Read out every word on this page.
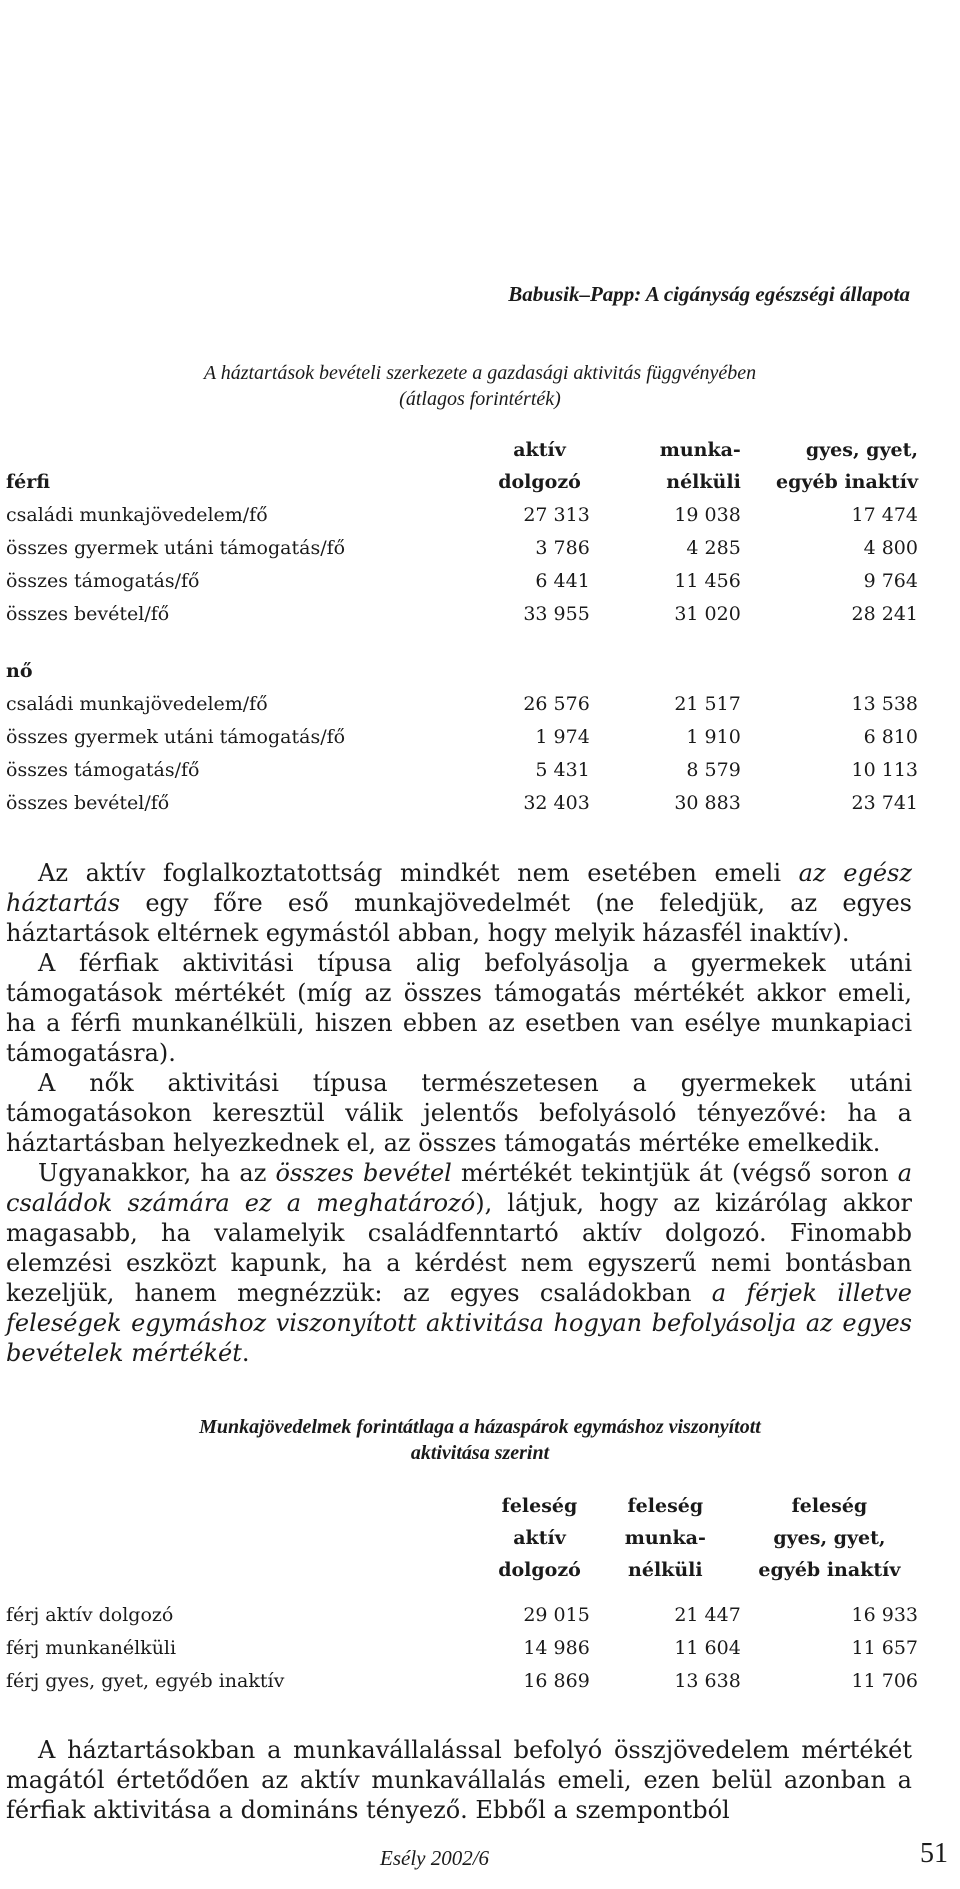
Babusik–Papp: A cigányság egészségi állapota
A háztartások bevételi szerkezete a gazdasági aktivitás függvényében
(átlagos forintérték)
	aktív	munka-	gyes, gyet,
férfi	dolgozó	nélküli	egyéb inaktív
családi munkajövedelem/fő	27 313	19 038	17 474
összes gyermek utáni támogatás/fő	3 786	4 285	4 800
összes támogatás/fő	6 441	11 456	9 764
összes bevétel/fő	33 955	31 020	28 241

nő			
családi munkajövedelem/fő	26 576	21 517	13 538
összes gyermek utáni támogatás/fő	1 974	1 910	6 810
összes támogatás/fő	5 431	8 579	10 113
összes bevétel/fő	32 403	30 883	23 741

Az aktív foglalkoztatottság mindkét nem esetében emeli az egész háztartás egy főre eső munkajövedelmét (ne feledjük, az egyes háztartások eltérnek egymástól abban, hogy melyik házasfél inaktív).

A férfiak aktivitási típusa alig befolyásolja a gyermekek utáni támogatások mértékét (míg az összes támogatás mértékét akkor emeli, ha a férfi munkanélküli, hiszen ebben az esetben van esélye munkapiaci támogatásra).

A nők aktivitási típusa természetesen a gyermekek utáni támogatásokon keresztül válik jelentős befolyásoló tényezővé: ha a háztartásban helyezkednek el, az összes támogatás mértéke emelkedik.

Ugyanakkor, ha az összes bevétel mértékét tekintjük át (végső soron a családok számára ez a meghatározó), látjuk, hogy az kizárólag akkor magasabb, ha valamelyik családfenntartó aktív dolgozó. Finomabb elemzési eszközt kapunk, ha a kérdést nem egyszerű nemi bontásban kezeljük, hanem megnézzük: az egyes családokban a férjek illetve feleségek egymáshoz viszonyított aktivitása hogyan befolyásolja az egyes bevételek mértékét.

Munkajövedelmek forintátlaga a házaspárok egymáshoz viszonyított
aktivitása szerint
	feleség	feleség	feleség
	aktív	munka-	gyes, gyet,
	dolgozó	nélküli	egyéb inaktív

férj aktív dolgozó	29 015	21 447	16 933
férj munkanélküli	14 986	11 604	11 657
férj gyes, gyet, egyéb inaktív	16 869	13 638	11 706

A háztartásokban a munkavállalással befolyó összjövedelem mértékét magától értetődően az aktív munkavállalás emeli, ezen belül azonban a férfiak aktivitása a domináns tényező. Ebből a szempontból

Esély 2002/6	51
